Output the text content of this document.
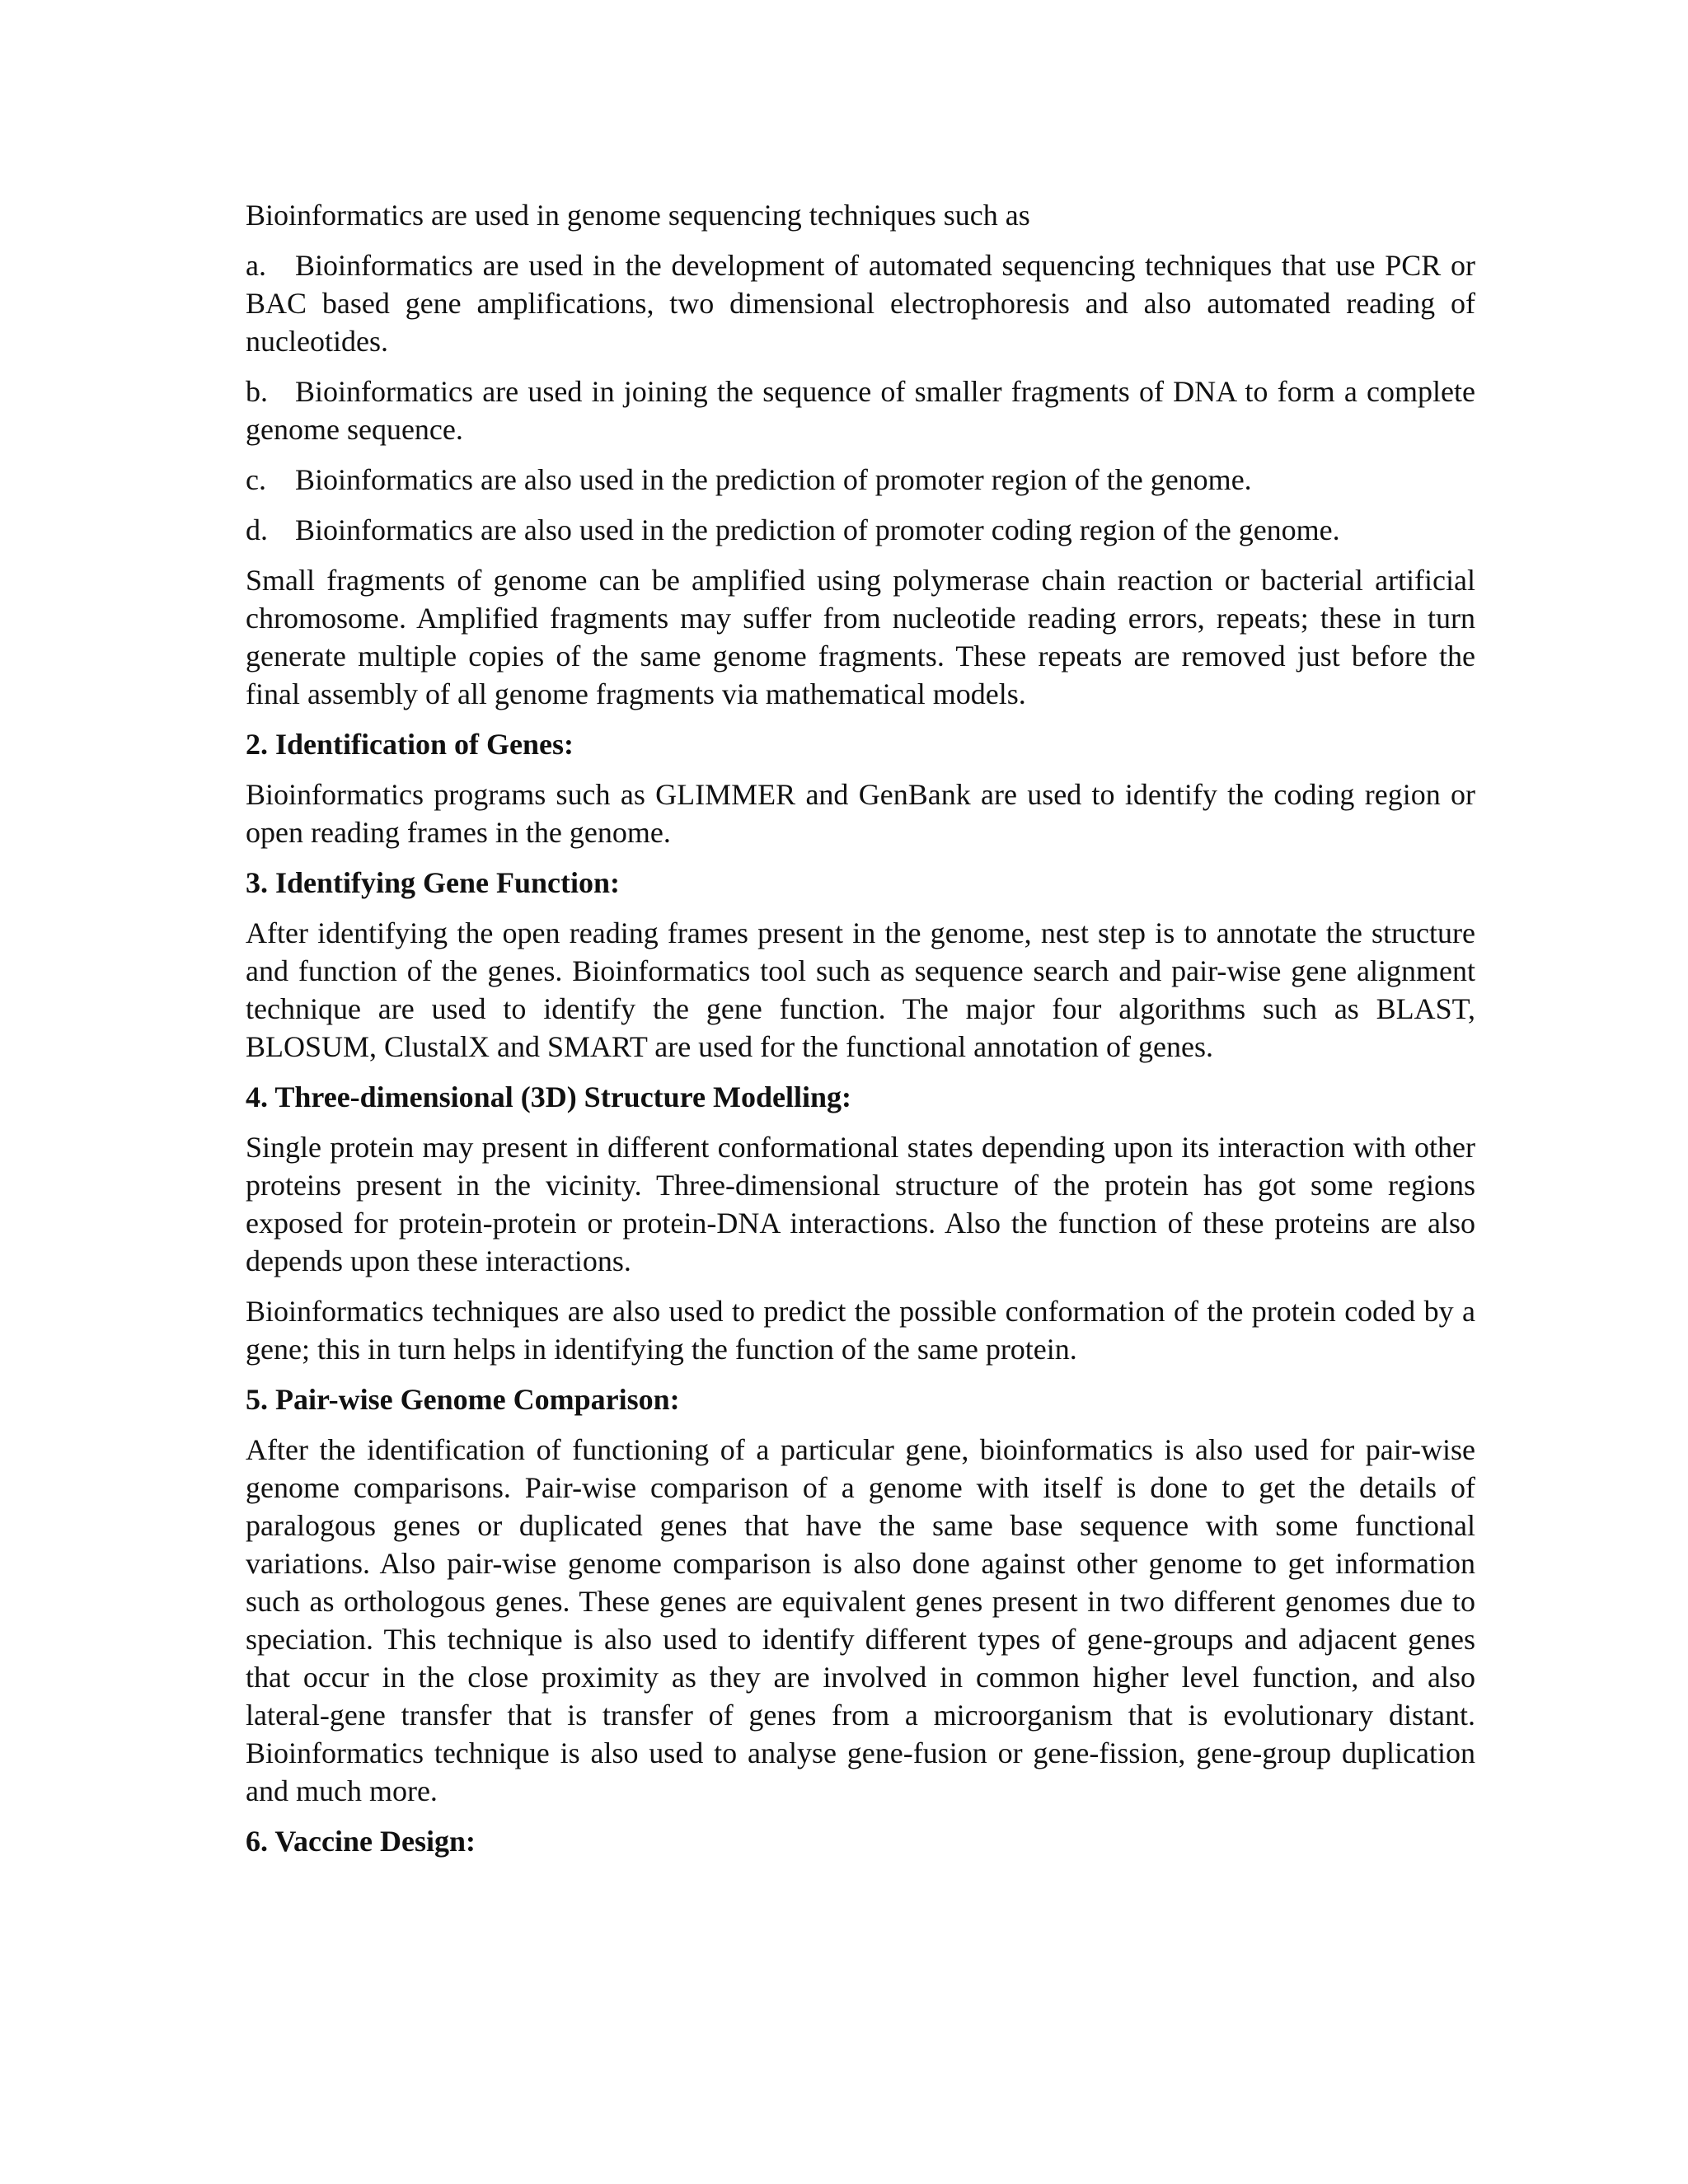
Bioinformatics are used in genome sequencing techniques such as

a. Bioinformatics are used in the development of automated sequencing techniques that use PCR or BAC based gene amplifications, two dimensional electrophoresis and also automated reading of nucleotides.
b. Bioinformatics are used in joining the sequence of smaller fragments of DNA to form a complete genome sequence.
c. Bioinformatics are also used in the prediction of promoter region of the genome.
d. Bioinformatics are also used in the prediction of promoter coding region of the genome.

Small fragments of genome can be amplified using polymerase chain reaction or bacterial artificial chromosome. Amplified fragments may suffer from nucleotide reading errors, repeats; these in turn generate multiple copies of the same genome fragments. These repeats are removed just before the final assembly of all genome fragments via mathematical models.

2. Identification of Genes:

Bioinformatics programs such as GLIMMER and GenBank are used to identify the coding region or open reading frames in the genome.

3. Identifying Gene Function:

After identifying the open reading frames present in the genome, nest step is to annotate the structure and function of the genes. Bioinformatics tool such as sequence search and pair-wise gene alignment technique are used to identify the gene function. The major four algorithms such as BLAST, BLOSUM, ClustalX and SMART are used for the functional annotation of genes.

4. Three-dimensional (3D) Structure Modelling:

Single protein may present in different conformational states depending upon its interaction with other proteins present in the vicinity. Three-dimensional structure of the protein has got some regions exposed for protein-protein or protein-DNA interactions. Also the function of these proteins are also depends upon these interactions.

Bioinformatics techniques are also used to predict the possible conformation of the protein coded by a gene; this in turn helps in identifying the function of the same protein.

5. Pair-wise Genome Comparison:

After the identification of functioning of a particular gene, bioinformatics is also used for pair-wise genome comparisons. Pair-wise comparison of a genome with itself is done to get the details of paralogous genes or duplicated genes that have the same base sequence with some functional variations. Also pair-wise genome comparison is also done against other genome to get information such as orthologous genes. These genes are equivalent genes present in two different genomes due to speciation. This technique is also used to identify different types of gene-groups and adjacent genes that occur in the close proximity as they are involved in common higher level function, and also lateral-gene transfer that is transfer of genes from a microorganism that is evolutionary distant. Bioinformatics technique is also used to analyse gene-fusion or gene-fission, gene-group duplication and much more.

6. Vaccine Design:
